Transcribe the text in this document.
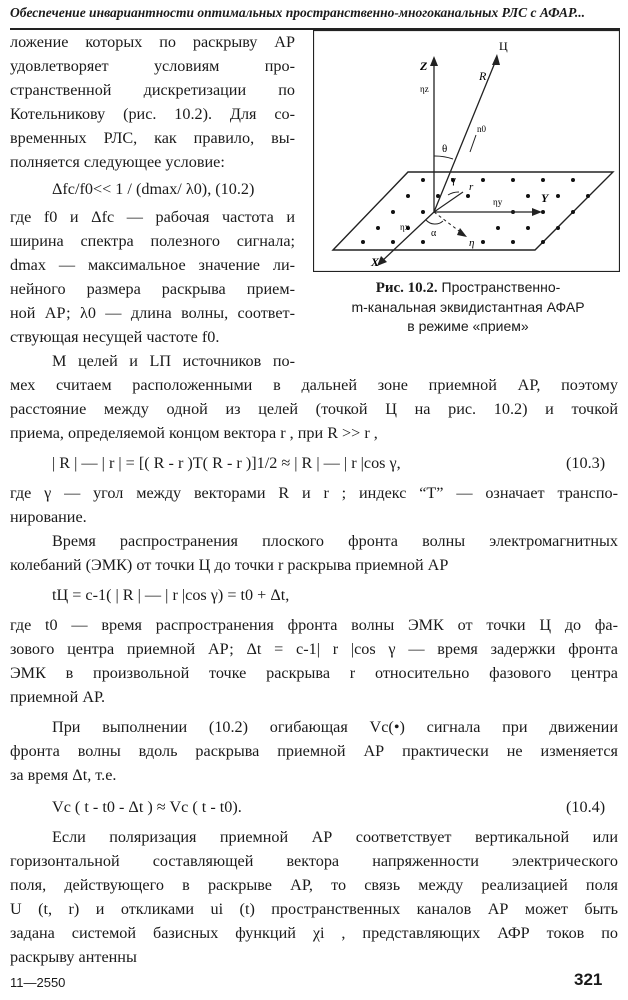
Обеспечение инвариантности оптимальных пространственно-многоканальных РЛС с АФАР...
Ц
R
Z
ηz
n0
θ
γ
r
ηy	Y
ηx
α
η
X
Рис. 10.2. Пространственно-
m-канальная эквидистантная АФАР
в режиме «прием»
ложение которых по раскрыву АР
удовлетворяет условиям про-
странственной дискретизации по
Котельникову (рис. 10.2). Для со-
временных РЛС, как правило, вы-
полняется следующее условие:
Δfс/f0<< 1 / (dmax/ λ0), (10.2)
где f0 и Δfс — рабочая частота и
ширина спектра полезного сигнала;
dmax — максимальное значение ли-
нейного размера раскрыва прием-
ной АР; λ0 — длина волны, соответ-
ствующая несущей частоте f0.
M целей и LП источников по-
мех считаем расположенными в дальней зоне приемной АР, поэтому
расстояние между одной из целей (точкой Ц на рис. 10.2) и точкой
приема, определяемой концом вектора r , при R >> r ,
| R | — | r | = [( R - r )T( R - r )]1/2 ≈ | R | — | r |cos γ,	(10.3)
где γ — угол между векторами R и r ; индекс “T” — означает транспо-
нирование.
Время распространения плоского фронта волны электромагнитных
колебаний (ЭМК) от точки Ц до точки r раскрыва приемной АР
tЦ = c-1( | R | — | r |cos γ) = t0 + Δt,
где t0 — время распространения фронта волны ЭМК от точки Ц до фа-
зового центра приемной АР; Δt = c-1| r |cos γ — время задержки фронта
ЭМК в произвольной точке раскрыва r относительно фазового центра
приемной АР.
При выполнении (10.2) огибающая Vc(•) сигнала при движении
фронта волны вдоль раскрыва приемной АР практически не изменяется
за время Δt, т.е.
Vc ( t - t0 - Δt ) ≈ Vc ( t - t0).	(10.4)
Если поляризация приемной АР соответствует вертикальной или
горизонтальной составляющей вектора напряженности электрического
поля, действующего в раскрыве АР, то связь между реализацией поля
U (t, r) и откликами ui (t) пространственных каналов АР может быть
задана системой базисных функций χi , представляющих АФР токов по
раскрыву антенны
11—2550	321
